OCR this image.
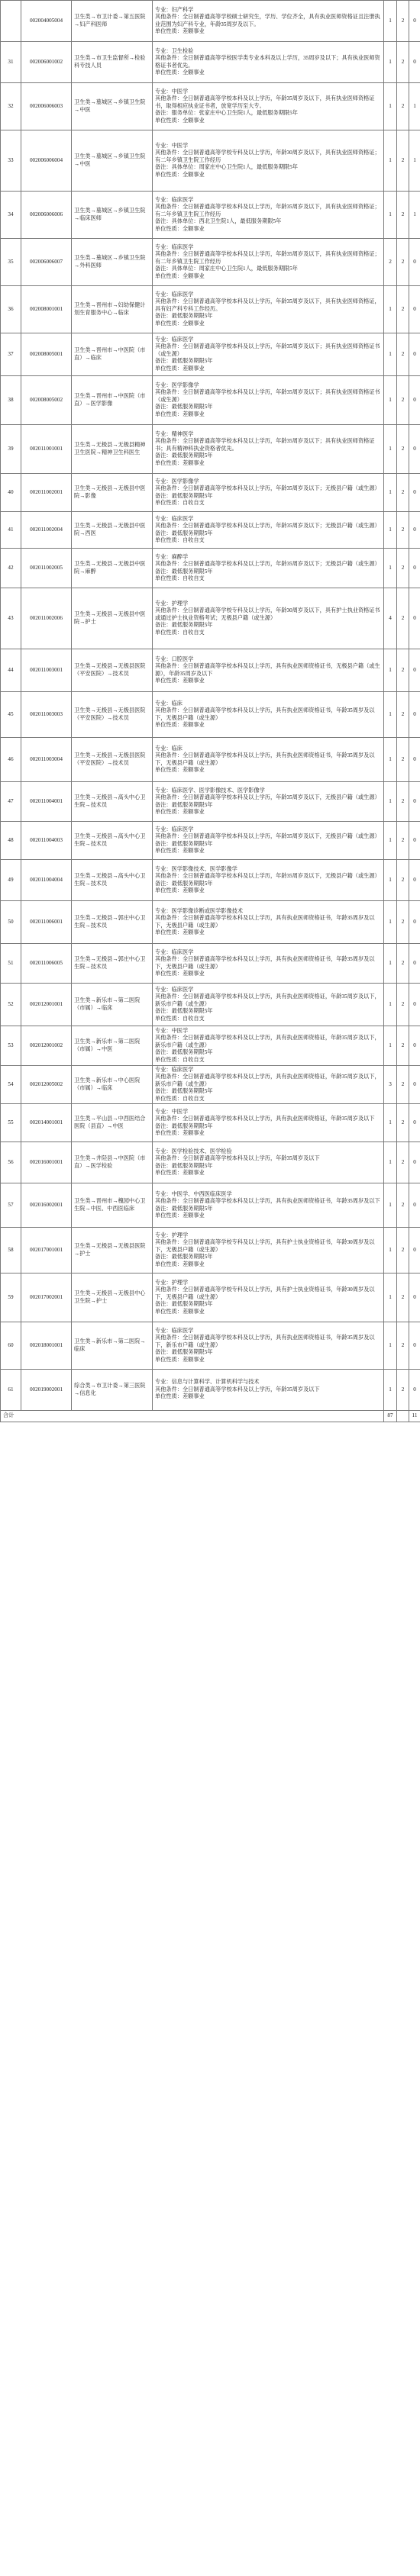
	002004005004	卫生类→市卫计委→第五医院→妇产科医师	专业：妇产科学
其他条件：全日制普通高等学校硕士研究生，学历、学位齐全，具有执业医师资格证且注册执业范围为妇产科专业，年龄35周岁及以下。
单位性质：差额事业	1	2	0
31	002006001002	卫生类→市卫生监督所→检验科专技人员	专业：卫生检验
其他条件：全日制普通高等学校医学类专业本科及以上学历，35周岁及以下；具有执业医师资格证书者优先。
单位性质：全额事业	1	2	0
32	002006006003	卫生类→墓城区→乡镇卫生院→中医	专业：中医学
其他条件：全日制普通高等学校本科及以上学历，年龄35周岁及以下，具有执业医师资格证书，取得相应执业证书者，放宽学历至大专。
备注：服务单位：张家庄中心卫生院1人，最低服务期限5年
单位性质：全额事业	1	2	1
33	002006006004	卫生类→墓城区→乡镇卫生院→中医	专业：中医学
其他条件：全日制普通高等学校专科及以上学历，年龄30周岁及以下，具有执业医师资格证；有二年乡镇卫生院工作经历
备注：具体单位：周家庄中心卫生院1人，最低服务期限5年
单位性质：全额事业	1	2	1
34	002006006006	卫生类→墓城区→乡镇卫生院→临床医师	专业：临床医学
其他条件：全日制普通高等学校本科及以上学历，年龄35周岁及以下，具有执业医师资格证；有二年乡镇卫生院工作经历
备注：具体单位：西北卫生院1人，最低服务期限5年
单位性质：全额事业	1	2	1
35	002006006007	卫生类→墓城区→乡镇卫生院→外科医师	专业：临床医学
其他条件：全日制普通高等学校本科及以上学历，年龄35周岁及以下，具有执业医师资格证；有二年乡镇卫生院工作经历
备注：具体单位：周家庄中心卫生院1人，最低服务期限5年
单位性质：全额事业	2	2	0
36	002008001001	卫生类→晋州市→妇幼保健计划生育服务中心→临床	专业：临床医学
其他条件：全日制普通高等学校本科及以上学历，年龄35周岁及以下，具有执业医师资格证，具有妇产科专科工作经历。
备注：最低服务期限5年
单位性质：全额事业	1	2	0
37	002008005001	卫生类→晋州市→中医院（市直）→临床	专业：临床医学
其他条件：全日制普通高等学校本科及以上学历，年龄35周岁及以下；具有执业医师资格证书（或生源）
备注：最低服务期限5年
单位性质：差额事业	1	2	0
38	002008005002	卫生类→晋州市→中医院（市直）→医学影像	专业：医学影像学
其他条件：全日制普通高等学校本科及以上学历，年龄35周岁及以下；具有执业医师资格证书（或生源）
备注：最低服务期限5年
单位性质：差额事业	1	2	0
39	002011001001	卫生类→无极县→无极县精神卫生医院→精神卫生科医生	专业：精神医学
其他条件：全日制普通高等学校本科及以上学历，年龄35周岁及以下；具有执业医师资格证书；具有精神科执业资格者优先。
备注：最低服务期限5年
单位性质：差额事业	1	2	0
40	002011002001	卫生类→无极县→无极县中医院→影像	专业：医学影像学
其他条件：全日制普通高等学校本科及以上学历，年龄35周岁及以下；无极县户籍（或生源）
备注：最低服务期限5年
单位性质：自收自支	1	2	0
41	002011002004	卫生类→无极县→无极县中医院→西医	专业：临床医学
其他条件：全日制普通高等学校本科及以上学历，年龄35周岁及以下；无极县户籍（或生源）
备注：最低服务期限5年
单位性质：自收自支	1	2	0
42	002011002005	卫生类→无极县→无极县中医院→麻醉	专业：麻醉学
其他条件：全日制普通高等学校本科及以上学历，年龄35周岁及以下；无极县户籍（或生源）
备注：最低服务期限5年
单位性质：自收自支	1	2	0
43	002011002006	卫生类→无极县→无极县中医院→护士	专业：护理学
其他条件：全日制普通高等学校专科及以上学历，年龄30周岁及以下，具有护士执业资格证书或通过护士执业资格考试；无极县户籍（或生源）
备注：最低服务期限5年
单位性质：自收自支	4	2	0
44	002011003001	卫生类→无极县→无极县医院（平安医院）→技术员	专业：口腔医学
其他条件：全日制普通高等学校本科及以上学历，具有执业医师资格证书，无极县户籍（或生源），年龄35周岁及以下
单位性质：差额事业	1	2	0
45	002011003003	卫生类→无极县→无极县医院（平安医院）→技术员	专业：临床
其他条件：全日制普通高等学校本科及以上学历，具有执业医师资格证书，年龄35周岁及以下，无极县户籍（或生源）
单位性质：差额事业	1	2	0
46	002011003004	卫生类→无极县→无极县医院（平安医院）→技术员	专业：临床
其他条件：全日制普通高等学校本科及以上学历，具有执业医师资格证书，年龄35周岁及以下，无极县户籍（或生源）
单位性质：差额事业	1	2	0
47	002011004001	卫生类→无极县→高头中心卫生院→技术员	专业：临床医学、医学影像技术、医学影像学
其他条件：全日制普通高等学校本科及以上学历，年龄35周岁及以下，无极县户籍（或生源）
备注：最低服务期限5年
单位性质：差额事业	1	2	0
48	002011004003	卫生类→无极县→高头中心卫生院→技术员	专业：临床医学
其他条件：全日制普通高等学校本科及以上学历，年龄35周岁及以下，无极县户籍（或生源）
备注：最低服务期限5年
单位性质：差额事业	1	2	0
49	002011004004	卫生类→无极县→高头中心卫生院→技术员	专业：医学影像技术、医学影像学
其他条件：全日制普通高等学校本科及以上学历，年龄35周岁及以下，无极县户籍（或生源）
备注：最低服务期限5年
单位性质：差额事业	1	2	0
50	002011006001	卫生类→无极县→郭庄中心卫生院→技术员	专业：医学影像诊断或医学影像技术
其他条件：全日制普通高等学校本科及以上学历，具有执业医师资格证书，年龄35周岁及以下，无极县户籍（或生源）
单位性质：差额事业	1	2	0
51	002011006005	卫生类→无极县→郭庄中心卫生院→技术员	专业：临床医学
其他条件：全日制普通高等学校本科及以上学历，具有执业医师资格证书，年龄35周岁及以下，无极县户籍（或生源）
单位性质：差额事业	1	2	0
52	002012001001	卫生类→新乐市→第二医院（市属）→临床	专业：临床医学
其他条件：全日制普通高等学校本科及以上学历，具有执业医师资格证，年龄35周岁及以下，新乐市户籍（或生源）
备注：最低服务期限5年
单位性质：自收自支	1	2	0
53	002012001002	卫生类→新乐市→第二医院（市属）→中医	专业：中医学
其他条件：全日制普通高等学校本科及以上学历，具有执业医师资格证，年龄35周岁及以下，新乐市户籍（或生源）
备注：最低服务期限5年
单位性质：自收自支	1	2	0
54	002012005002	卫生类→新乐市→中心医院（市属）→临床	专业：临床医学
其他条件：全日制普通高等学校本科及以上学历，具有执业医师资格证，年龄35周岁及以下，新乐市户籍（或生源）
备注：最低服务期限5年
单位性质：自收自支	3	2	0
55	002014001001	卫生类→平山县→中西医结合医院（县直）→中医	专业：中医学
其他条件：全日制普通高等学校本科及以上学历，具有执业医师资格证，年龄35周岁及以下
备注：最低服务期限5年
单位性质：差额事业	1	2	0
56	002016001001	卫生类→井陉县→中医院（市直）→医学检验	专业：医学检验技术、医学检验
其他条件：全日制普通高等学校本科及以上学历，年龄35周岁及以下
备注：最低服务期限5年
单位性质：差额事业	1	2	0
57	002016002001	卫生类→晋州市→槐园中心卫生院→中医、中西医临床	专业：中医学、中西医临床医学
其他条件：全日制普通高等学校本科及以上学历，具有执业医师资格证书，年龄35周岁及以下
备注：最低服务期限5年
单位性质：差额事业	1	2	0
58	002017001001	卫生类→无极县→无极县医院→护士	专业：护理学
其他条件：全日制普通高等学校专科及以上学历，具有护士执业资格证书，年龄30周岁及以下，无极县户籍（或生源）
备注：最低服务期限5年
单位性质：差额事业	1	2	0
59	002017002001	卫生类→无极县→无极县中心卫生院→护士	专业：护理学
其他条件：全日制普通高等学校专科及以上学历，具有护士执业资格证书，年龄30周岁及以下，无极县户籍（或生源）
备注：最低服务期限5年
单位性质：差额事业	1	2	0
60	002018001001	卫生类→新乐市→第二医院→临床	专业：临床医学
其他条件：全日制普通高等学校本科及以上学历，具有执业医师资格证书，年龄35周岁及以下，新乐市户籍（或生源）
备注：最低服务期限5年
单位性质：差额事业	1	2	0
61	002019002001	综合类→市卫计委→第三医院→信息化	专业：信息与计算科学、计算机科学与技术
其他条件：全日制普通高等学校本科及以上学历，年龄35周岁及以下
单位性质：差额事业	1	2	0
合计				87		11
